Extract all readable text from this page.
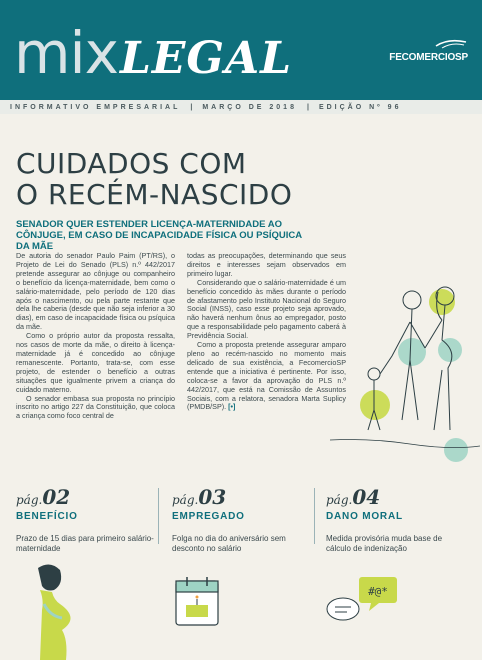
mix LEGAL	FECOMERCIOSP
INFORMATIVO EMPRESARIAL | MARÇO DE 2018 | EDIÇÃO Nº 96
CUIDADOS COM
O RECÉM-NASCIDO
SENADOR QUER ESTENDER LICENÇA-MATERNIDADE AO CÔNJUGE, EM CASO DE INCAPACIDADE FÍSICA OU PSÍQUICA DA MÃE

De autoria do senador Paulo Paim (PT/RS), o Projeto de Lei do Senado (PLS) n.º 442/2017 pretende assegurar ao cônjuge ou companheiro o benefício da licença-maternidade, bem como o salário-maternidade, pelo período de 120 dias após o nascimento, ou pela parte restante que dela lhe caberia (desde que não seja inferior a 30 dias), em caso de incapacidade física ou psíquica da mãe.

Como o próprio autor da proposta ressalta, nos casos de morte da mãe, o direito à licença-maternidade já é concedido ao cônjuge remanescente. Portanto, trata-se, com esse projeto, de estender o benefício a outras situações que igualmente privem a criança do cuidado materno.

O senador embasa sua proposta no princípio inscrito no artigo 227 da Constituição, que coloca a criança como foco central de

todas as preocupações, determinando que seus direitos e interesses sejam observados em primeiro lugar.

Considerando que o salário-maternidade é um benefício concedido às mães durante o período de afastamento pelo Instituto Nacional do Seguro Social (INSS), caso esse projeto seja aprovado, não haverá nenhum ônus ao empregador, posto que a responsabilidade pelo pagamento caberá à Previdência Social.

Como a proposta pretende assegurar amparo pleno ao recém-nascido no momento mais delicado de sua existência, a FecomercioSP entende que a iniciativa é pertinente. Por isso, coloca-se a favor da aprovação do PLS n.º 442/2017, que está na Comissão de Assuntos Sociais, com a relatora, senadora Marta Suplicy (PMDB/SP). [•]

pág.02
BENEFÍCIO
Prazo de 15 dias para primeiro salário-maternidade
pág.03
EMPREGADO
Folga no dia do aniversário sem desconto no salário
pág.04
DANO MORAL
Medida provisória muda base de cálculo de indenização
#@*
